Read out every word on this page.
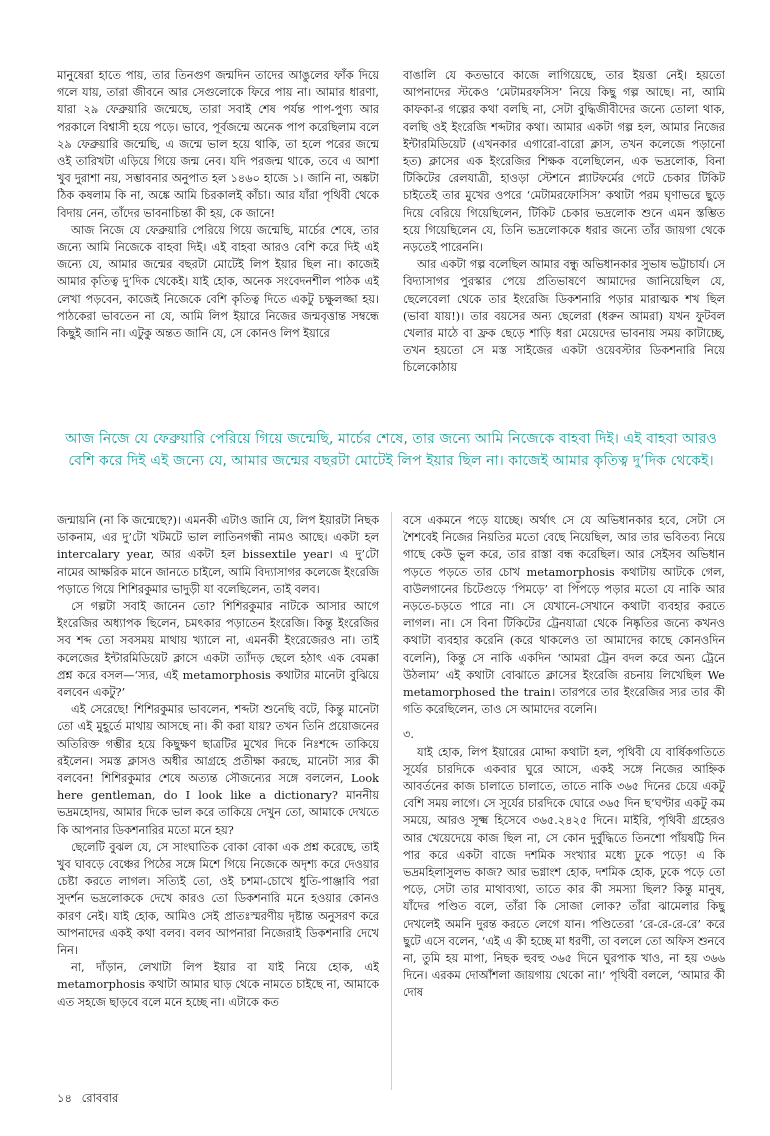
মানুষেরা হাতে পায়, তার তিনগুণ জন্মদিন তাদের আঙুলের ফাঁক দিয়ে গলে যায়, তারা জীবনে আর সেগুলোকে ফিরে পায় না। আমার ধারণা, যারা ২৯ ফেব্রুয়ারি জন্মেছে, তারা সবাই শেষ পর্যন্ত পাপ-পুণ্য আর পরকালে বিশ্বাসী হয়ে পড়ে। ভাবে, পূর্বজন্মে অনেক পাপ করেছিলাম বলে ২৯ ফেব্রুয়ারি জন্মেছি, এ জন্মে ভাল হয়ে থাকি, তা হলে পরের জন্মে ওই তারিখটা এড়িয়ে গিয়ে জন্ম নেব। যদি পরজন্ম থাকে, তবে এ আশা খুব দুরাশা নয়, সম্ভাবনার অনুপাত হল ১৪৬০ হাজে ১। জানি না, অঙ্কটা ঠিক কষলাম কি না, অঙ্কে আমি চিরকালই কাঁচা। আর যাঁরা পৃথিবী থেকে বিদায় নেন, তাঁদের ভাবনাচিন্তা কী হয়, কে জানে!

আজ নিজে যে ফেব্রুয়ারি পেরিয়ে গিয়ে জন্মেছি, মার্চের শেষে, তার জন্যে আমি নিজেকে বাহবা দিই। এই বাহবা আরও বেশি করে দিই এই জন্যে যে, আমার জন্মের বছরটা মোটেই লিপ ইয়ার ছিল না। কাজেই আমার কৃতিত্ব দু’দিক থেকেই। যাই হোক, অনেক সংবেদনশীল পাঠক এই লেখা পড়বেন, কাজেই নিজেকে বেশি কৃতিত্ব দিতে একটু চক্ষুলজ্জা হয়। পাঠকেরা ভাবতেন না যে, আমি লিপ ইয়ারে নিজের জন্মবৃত্তান্ত সম্বন্ধে কিছুই জানি না। এটুকু অন্তত জানি যে, সে কোনও লিপ ইয়ারে

বাঙালি যে কতভাবে কাজে লাগিয়েছে, তার ইয়ত্তা নেই। হয়তো আপনাদের স্টকেও ‘মেটামরফসিস’ নিয়ে কিছু গল্প আছে। না, আমি কাফকা-র গল্পের কথা বলছি না, সেটা বুদ্ধিজীবীদের জন্যে তোলা থাক, বলছি ওই ইংরেজি শব্দটার কথা। আমার একটা গল্প হল, আমার নিজের ইন্টারমিডিয়েট (এখনকার এগারো-বারো ক্লাস, তখন কলেজে পড়ানো হত) ক্লাসের এক ইংরেজির শিক্ষক বলেছিলেন, এক ভদ্রলোক, বিনা টিকিটের রেলযাত্রী, হাওড়া স্টেশনে প্ল্যাটফর্মের গেটে চেকার টিকিট চাইতেই তার মুখের ওপরে ‘মেটামরফোসিস’ কথাটা পরম ঘৃণাভরে ছুড়ে দিয়ে বেরিয়ে গিয়েছিলেন, টিকিট চেকার ভদ্রলোক শুনে এমন স্তম্ভিত হয়ে গিয়েছিলেন যে, তিনি ভদ্রলোককে ধরার জন্যে তাঁর জায়গা থেকে নড়তেই পারেননি।

আর একটা গল্প বলেছিল আমার বন্ধু অভিধানকার সুভাষ ভট্টাচার্য। সে বিদ্যাসাগর পুরস্কার পেয়ে প্রতিভাষণে আমাদের জানিয়েছিল যে, ছেলেবেলা থেকে তার ইংরেজি ডিকশনারি পড়ার মারাত্মক শখ ছিল (ভাবা যায়!)। তার বয়সের অন্য ছেলেরা (ধরুন আমরা) যখন ফুটবল খেলার মাঠে বা ফ্রক ছেড়ে শাড়ি ধরা মেয়েদের ভাবনায় সময় কাটাচ্ছে, তখন হয়তো সে মস্ত সাইজের একটা ওয়েবস্টার ডিকশনারি নিয়ে চিলেকোঠায়

আজ নিজে যে ফেব্রুয়ারি পেরিয়ে গিয়ে জন্মেছি, মার্চের শেষে, তার জন্যে আমি নিজেকে বাহবা দিই। এই বাহবা আরও বেশি করে দিই এই জন্যে যে, আমার জন্মের বছরটা মোটেই লিপ ইয়ার ছিল না। কাজেই আমার কৃতিত্ব দু’দিক থেকেই।

জন্মায়নি (না কি জন্মেছে?)। এমনকী এটাও জানি যে, লিপ ইয়ারটা নিছক ডাকনাম, এর দু’টো খটমটে ভাল লাতিনগন্ধী নামও আছে। একটা হল intercalary year, আর একটা হল bissextile year। এ দু’টো নামের আক্ষরিক মানে জানতে চাইলে, আমি বিদ্যাসাগর কলেজে ইংরেজি পড়াতে গিয়ে শিশিরকুমার ভাদুড়ী যা বলেছিলেন, তাই বলব।

সে গল্পটা সবাই জানেন তো? শিশিরকুমার নাটকে আসার আগে ইংরেজির অধ্যাপক ছিলেন, চমৎকার পড়াতেন ইংরেজি। কিন্তু ইংরেজির সব শব্দ তো সবসময় মাথায় খ্যালে না, এমনকী ইংরেজেরও না। তাই কলেজের ইন্টারমিডিয়েট ক্লাসে একটা ত্যাঁদড় ছেলে হঠাৎ এক বেমক্কা প্রশ্ন করে বসল—‘স্যর, এই metamorphosis কথাটার মানেটা বুঝিয়ে বলবেন একটু?’

এই সেরেছে! শিশিরকুমার ভাবলেন, শব্দটা শুনেছি বটে, কিন্তু মানেটা তো এই মুহূর্তে মাথায় আসছে না। কী করা যায়? তখন তিনি প্রয়োজনের অতিরিক্ত গম্ভীর হয়ে কিছুক্ষণ ছাত্রটির মুখের দিকে নিঃশব্দে তাকিয়ে রইলেন। সমস্ত ক্লাসও অধীর আগ্রহে প্রতীক্ষা করছে, মানেটা স্যর কী বলবেন! শিশিরকুমার শেষে অত্যন্ত সৌজন্যের সঙ্গে বললেন, Look here gentleman, do I look like a dictionary? মাননীয় ভদ্রমহোদয়, আমার দিকে ভাল করে তাকিয়ে দেখুন তো, আমাকে দেখতে কি আপনার ডিকশনারির মতো মনে হয়?

ছেলেটি বুঝল যে, সে সাংঘাতিক বোকা বোকা এক প্রশ্ন করেছে, তাই খুব ঘাবড়ে বেঞ্চের পিঠের সঙ্গে মিশে গিয়ে নিজেকে অদৃশ্য করে দেওয়ার চেষ্টা করতে লাগল। সত্যিই তো, ওই চশমা-চোখে ধুতি-পাঞ্জাবি পরা সুদর্শন ভদ্রলোককে দেখে কারও তো ডিকশনারি মনে হওয়ার কোনও কারণ নেই। যাই হোক, আমিও সেই প্রাতঃস্মরণীয় দৃষ্টান্ত অনুসরণ করে আপনাদের একই কথা বলব। বলব আপনারা নিজেরাই ডিকশনারি দেখে নিন।

না, দাঁড়ান, লেখাটা লিপ ইয়ার বা যাই নিয়ে হোক, এই metamorphosis কথাটা আমার ঘাড় থেকে নামতে চাইছে না, আমাকে এত সহজে ছাড়বে বলে মনে হচ্ছে না। এটাকে কত

বসে একমনে পড়ে যাচ্ছে। অর্থাৎ সে যে অভিধানকার হবে, সেটা সে শৈশবেই নিজের নিয়তির মতো বেছে নিয়েছিল, আর তার ভবিতব্য নিয়ে গাছে কেউ ভুল করে, তার রাস্তা বন্ধ করেছিল। আর সেইসব অভিধান পড়তে পড়তে তার চোখ metamorphosis কথাটায় আটকে গেল, বাউলগানের চিটেগুড়ে ‘পিমড়ে’ বা পিঁপড়ে পড়ার মতো যে নাকি আর নড়তে-চড়তে পারে না। সে যেখানে-সেখানে কথাটা ব্যবহার করতে লাগল। না। সে বিনা টিকিটের ট্রেনযাত্রা থেকে নিষ্কৃতির জন্যে কখনও কথাটা ব্যবহার করেনি (করে থাকলেও তা আমাদের কাছে কোনওদিন বলেনি), কিন্তু সে নাকি একদিন ‘আমরা ট্রেন বদল করে অন্য ট্রেনে উঠলাম’ এই কথাটা বোঝাতে ক্লাসের ইংরেজি রচনায় লিখেছিল We metamorphosed the train। তারপরে তার ইংরেজির স্যর তার কী গতি করেছিলেন, তাও সে আমাদের বলেনি।

৩.

যাই হোক, লিপ ইয়ারের মোদ্দা কথাটা হল, পৃথিবী যে বার্ষিকগতিতে সূর্যের চারদিকে একবার ঘুরে আসে, একই সঙ্গে নিজের আহ্নিক আবর্তনের কাজ চালাতে চালাতে, তাতে নাকি ৩৬৫ দিনের চেয়ে একটু বেশি সময় লাগে। সে সূর্যের চারদিকে ঘোরে ৩৬৫ দিন ছ’ঘণ্টার একটু কম সময়ে, আরও সূক্ষ্ম হিসেবে ৩৬৫.২৪২৫ দিনে। মাইরি, পৃথিবী গ্রহেরও আর খেয়েদেয়ে কাজ ছিল না, সে কোন দুর্বুদ্ধিতে তিনশো পাঁয়ষট্টি দিন পার করে একটা বাজে দশমিক সংখ্যার মধ্যে ঢুকে পড়ে! এ কি ভদ্রমহিলাসুলভ কাজ? আর ভগ্নাংশ হোক, দশমিক হোক, ঢুকে পড়ে তো পড়ে, সেটা তার মাথাব্যথা, তাতে কার কী সমস্যা ছিল? কিন্তু মানুষ, যাঁদের পণ্ডিত বলে, তাঁরা কি সোজা লোক? তাঁরা ঝামেলার কিছু দেখলেই অমনি দুরন্ত করতে লেগে যান। পণ্ডিতেরা ‘রে-রে-রে-রে’ করে ছুটে এসে বলেন, ‘এই এ কী হচ্ছে মা ধরণী, তা বললে তো অফিস শুনবে না, তুমি হয় মাপা, নিছক হুবহু ৩৬৫ দিনে ঘুরপাক খাও, না হয় ৩৬৬ দিনে। এরকম দোআঁশলা জায়গায় থেকো না।’ পৃথিবী বললে, ‘আমার কী দোষ

১৪ রোববার
